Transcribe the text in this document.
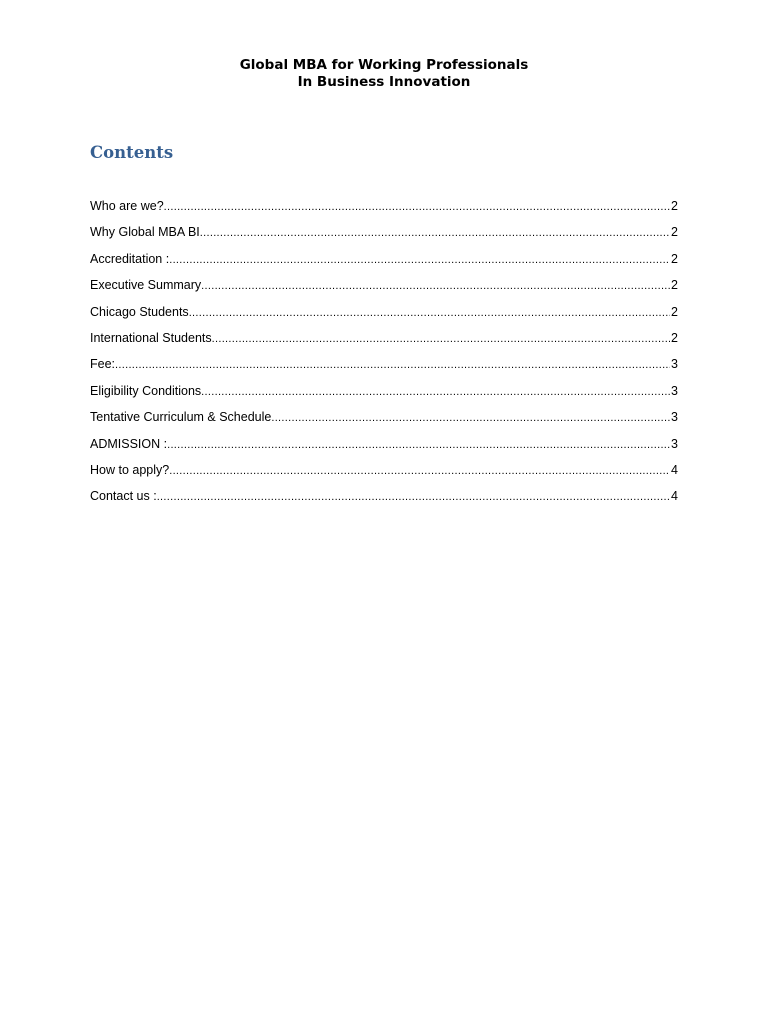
Global MBA for Working Professionals
In Business Innovation
Contents
Who are we? .....	2
Why Global MBA BI .....	2
Accreditation : .....	2
Executive Summary .....	2
Chicago Students .....	2
International Students .....	2
Fee: .....	3
Eligibility Conditions .....	3
Tentative Curriculum & Schedule .....	3
ADMISSION : .....	3
How to apply? .....	4
Contact us : .....	4
